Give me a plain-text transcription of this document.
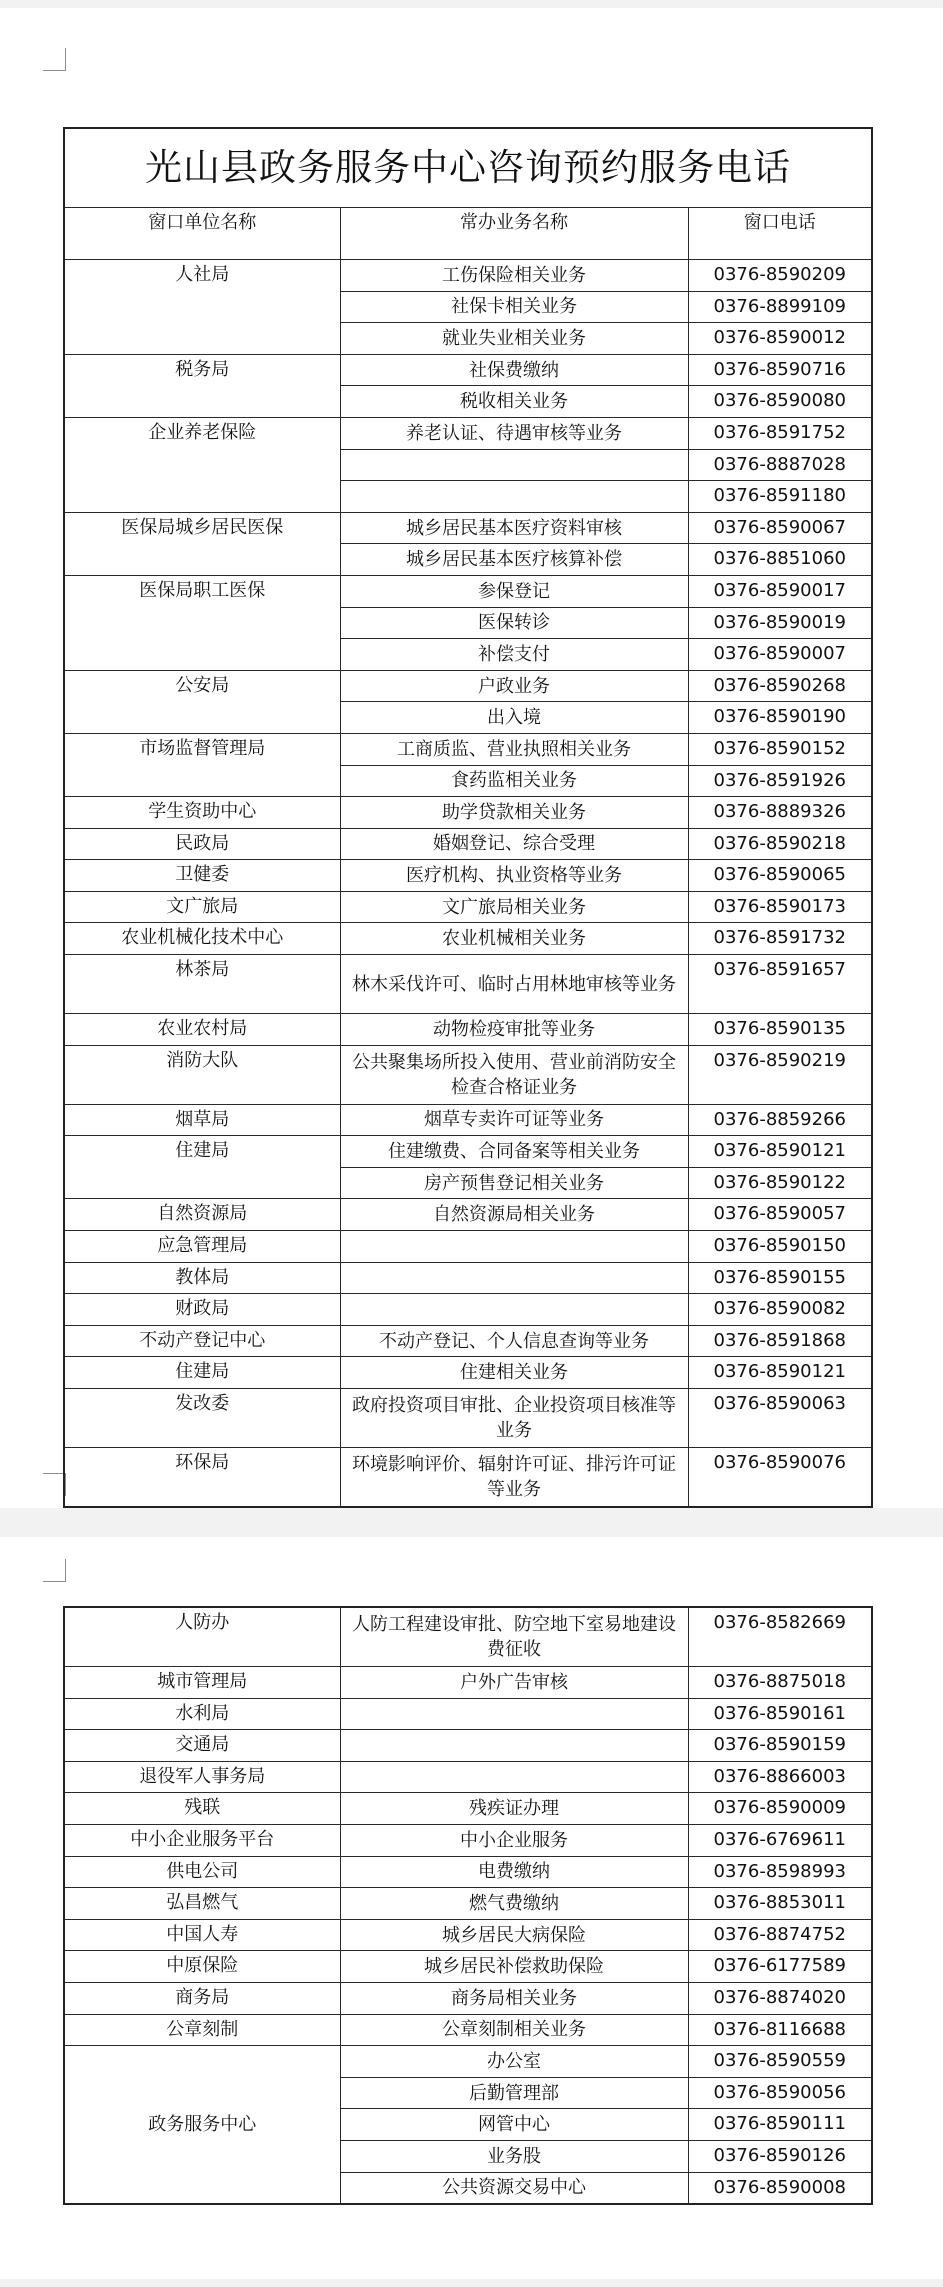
光山县政务服务中心咨询预约服务电话		
窗口单位名称	常办业务名称	窗口电话
人社局	工伤保险相关业务	0376-8590209
	社保卡相关业务	0376-8899109
	就业失业相关业务	0376-8590012
税务局	社保费缴纳	0376-8590716
	税收相关业务	0376-8590080
企业养老保险	养老认证、待遇审核等业务	0376-8591752
		0376-8887028
		0376-8591180
医保局城乡居民医保	城乡居民基本医疗资料审核	0376-8590067
	城乡居民基本医疗核算补偿	0376-8851060
医保局职工医保	参保登记	0376-8590017
	医保转诊	0376-8590019
	补偿支付	0376-8590007
公安局	户政业务	0376-8590268
	出入境	0376-8590190
市场监督管理局	工商质监、营业执照相关业务	0376-8590152
	食药监相关业务	0376-8591926
学生资助中心	助学贷款相关业务	0376-8889326
民政局	婚姻登记、综合受理	0376-8590218
卫健委	医疗机构、执业资格等业务	0376-8590065
文广旅局	文广旅局相关业务	0376-8590173
农业机械化技术中心	农业机械相关业务	0376-8591732
林茶局	林木采伐许可、临时占用林地审核等业务	0376-8591657
农业农村局	动物检疫审批等业务	0376-8590135
消防大队	公共聚集场所投入使用、营业前消防安全检查合格证业务	0376-8590219
烟草局	烟草专卖许可证等业务	0376-8859266
住建局	住建缴费、合同备案等相关业务	0376-8590121
	房产预售登记相关业务	0376-8590122
自然资源局	自然资源局相关业务	0376-8590057
应急管理局		0376-8590150
教体局		0376-8590155
财政局		0376-8590082
不动产登记中心	不动产登记、个人信息查询等业务	0376-8591868
住建局	住建相关业务	0376-8590121
发改委	政府投资项目审批、企业投资项目核准等业务	0376-8590063
环保局	环境影响评价、辐射许可证、排污许可证等业务	0376-8590076
人防办	人防工程建设审批、防空地下室易地建设费征收	0376-8582669
城市管理局	户外广告审核	0376-8875018
水利局		0376-8590161
交通局		0376-8590159
退役军人事务局		0376-8866003
残联	残疾证办理	0376-8590009
中小企业服务平台	中小企业服务	0376-6769611
供电公司	电费缴纳	0376-8598993
弘昌燃气	燃气费缴纳	0376-8853011
中国人寿	城乡居民大病保险	0376-8874752
中原保险	城乡居民补偿救助保险	0376-6177589
商务局	商务局相关业务	0376-8874020
公章刻制	公章刻制相关业务	0376-8116688
政务服务中心	办公室	0376-8590559
	后勤管理部	0376-8590056
	网管中心	0376-8590111
	业务股	0376-8590126
	公共资源交易中心	0376-8590008
